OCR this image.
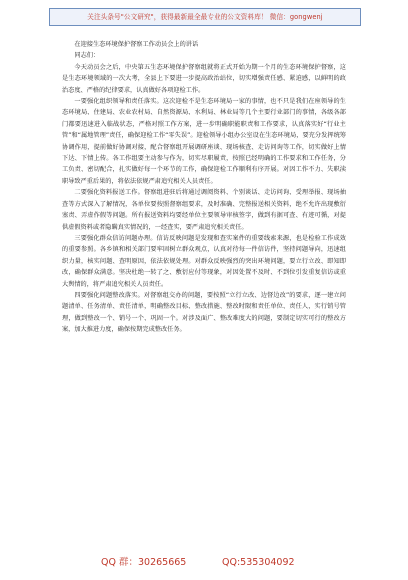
关注头条号"公文研究"，获得最新最全最专业的公文资料库！ 微信：gongwenj

在迎接生态环境保护督察工作动员会上的讲话

同志们：

今天动员会之后，中央第五生态环境保护督察组就将正式开始为期一个月的生态环境保护督察，这是生态环境领域的一次大考，全县上下要进一步提高政治站位，切实增强责任感、紧迫感，以鲜明的政治态度、严格的纪律要求，认真做好各项迎检工作。

一要强化组织领导和责任落实。这次迎检不是生态环境局一家的事情，也不只是我们在座领导的生态环境局、住建局、农业农村局、自然资源局、水利局、林业局等几个主要行业部门的事情，各级各部门都要迅速进入临战状态，严格对照工作方案，进一步明确职能职责和工作要求，认真落实好“行业主管”和“属地管理”责任，确保迎检工作“零失误”。迎检领导小组办公室设在生态环境局，要充分发挥统筹协调作用，提前做好协调对接，配合督察组开展调研座谈、现场核查、走访问询等工作，切实做好上情下达、下情上传。各工作组要主动参与作为，切实尽职履责，按照已经明确的工作要求和工作任务，分工负责、密切配合，扎实做好每一个环节的工作，确保迎检工作顺利有序开展。对因工作不力、失职渎职导致严重后果的，将依法依规严肃追究相关人员责任。

二要强化资料报送工作。督察组进驻后将通过调阅资料、个别谈话、走访问询、受理举报、现场抽查等方式深入了解情况，各单位要按照督察组要求，及时准确、完整报送相关资料，绝不允许出现敷衍塞责、弄虚作假等问题。所有报送资料均要经单位主要领导审核签字，做到有据可查、有迹可循，对提供虚假资料或者隐瞒真实情况的，一经查实，要严肃追究相关责任。

三要强化群众信访问题办理。信访反映问题是发现和查实案件的重要线索来源，也是检验工作成效的重要参照。各乡镇和相关部门要牢固树立群众观点，认真对待每一件信访件，坚持问题导向，迅速组织力量，核实问题、查明原因，依法依规处理。对群众反映强烈的突出环境问题，要立行立改、即知即改，确保群众满意。坚决杜绝一转了之、敷衍应付等现象，对因处置不及时、不到位引发重复信访或重大舆情的，将严肃追究相关人员责任。

四要强化问题整改落实。对督察组交办的问题，要按照“立行立改、边督边改”的要求，逐一建立问题清单、任务清单、责任清单，明确整改目标、整改措施、整改时限和责任单位、责任人，实行销号管理，做到整改一个、销号一个、巩固一个。对涉及面广、整改难度大的问题，要制定切实可行的整改方案，加大推进力度，确保按期完成整改任务。

QQ 群：30265665	QQ:535304092
